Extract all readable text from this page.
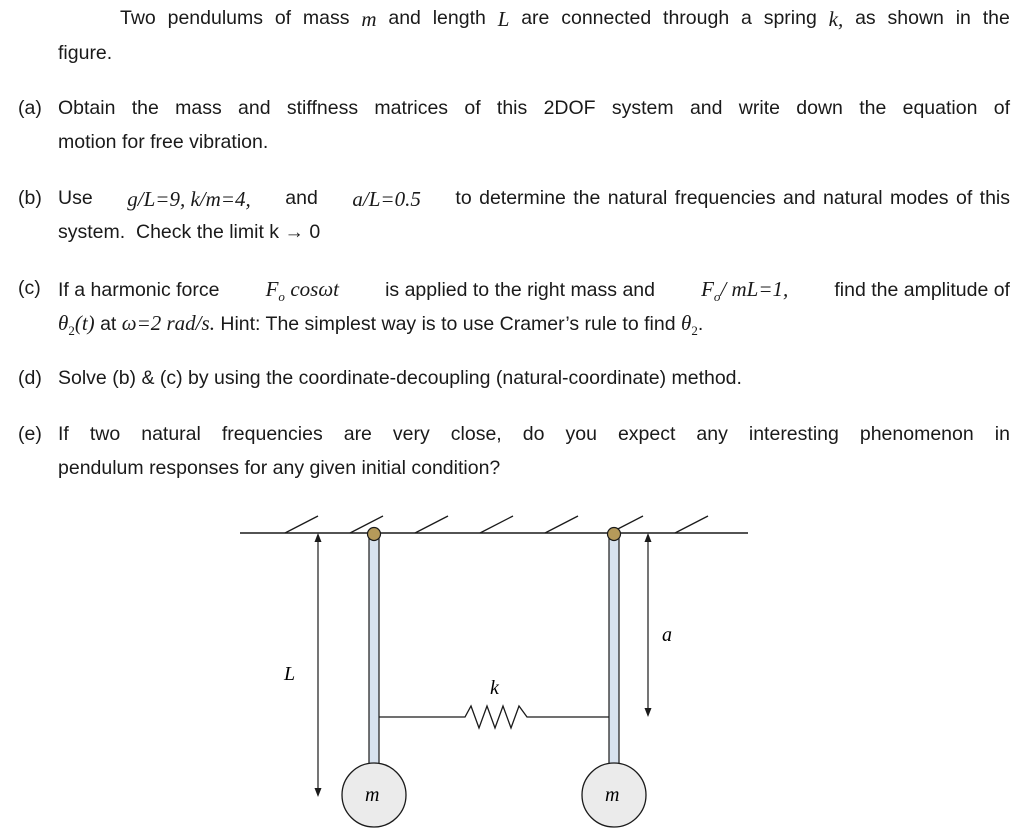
Two pendulums of mass m and length L are connected through a spring k, as shown in the
figure.
(a) Obtain the mass and stiffness matrices of this 2DOF system and write down the equation of
motion for free vibration.
(b) Use g/L=9, k/m=4, and a/L=0.5 to determine the natural frequencies and natural modes of this
system.  Check the limit k → 0
(c) If a harmonic force $F_o$ cosωt is applied to the right mass and $F_o/$ mL=1, find the amplitude of
$\theta_2(t)$ at ω=2 rad/s. Hint: The simplest way is to use Cramer’s rule to find $\theta_2$.
(d) Solve (b) & (c) by using the coordinate-decoupling (natural-coordinate) method.
(e) If two natural frequencies are very close, do you expect any interesting phenomenon in
pendulum responses for any given initial condition?
L
a
m	m
k
